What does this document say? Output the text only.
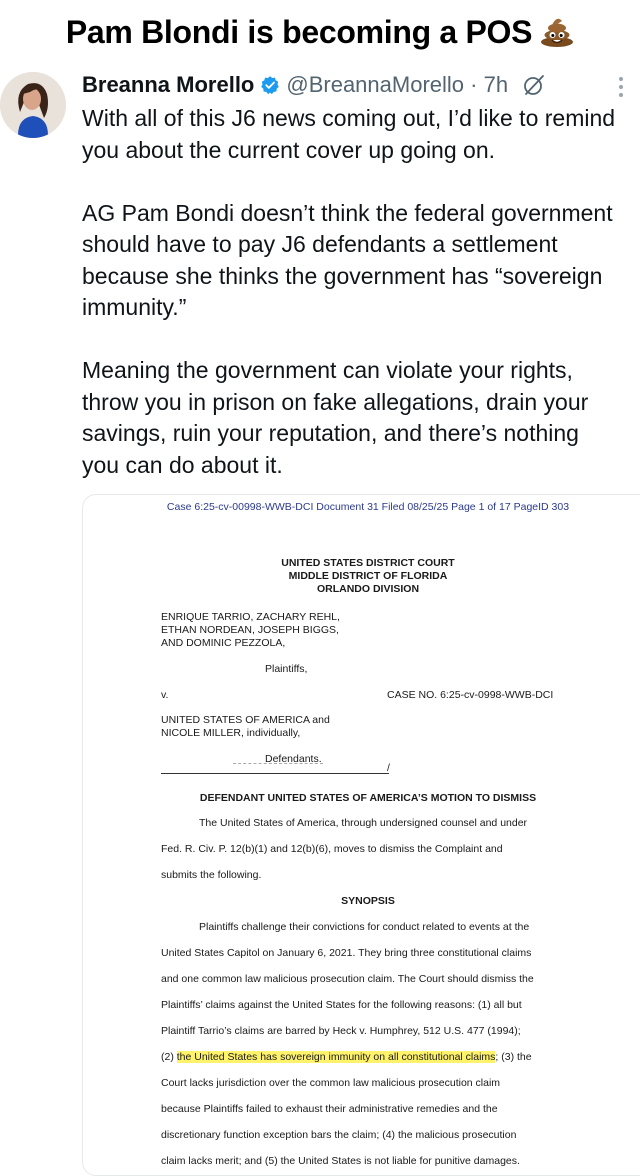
Pam Blondi is becoming a POS
Breanna Morello @BreannaMorello · 7h
With all of this J6 news coming out, I’d like to remind
you about the current cover up going on.
AG Pam Bondi doesn’t think the federal government
should have to pay J6 defendants a settlement
because she thinks the government has “sovereign
immunity.”
Meaning the government can violate your rights,
throw you in prison on fake allegations, drain your
savings, ruin your reputation, and there’s nothing
you can do about it.
Case 6:25-cv-00998-WWB-DCI Document 31 Filed 08/25/25 Page 1 of 17 PageID 303
UNITED STATES DISTRICT COURT
MIDDLE DISTRICT OF FLORIDA
ORLANDO DIVISION
ENRIQUE TARRIO, ZACHARY REHL,
ETHAN NORDEAN, JOSEPH BIGGS,
AND DOMINIC PEZZOLA,
Plaintiffs,
v.	CASE NO. 6:25-cv-0998-WWB-DCI
UNITED STATES OF AMERICA and
NICOLE MILLER, individually,
Defendants.
/
DEFENDANT UNITED STATES OF AMERICA’S MOTION TO DISMISS
The United States of America, through undersigned counsel and under
Fed. R. Civ. P. 12(b)(1) and 12(b)(6), moves to dismiss the Complaint and
submits the following.
SYNOPSIS
Plaintiffs challenge their convictions for conduct related to events at the
United States Capitol on January 6, 2021. They bring three constitutional claims
and one common law malicious prosecution claim. The Court should dismiss the
Plaintiffs’ claims against the United States for the following reasons: (1) all but
Plaintiff Tarrio’s claims are barred by Heck v. Humphrey, 512 U.S. 477 (1994);
(2) the United States has sovereign immunity on all constitutional claims; (3) the
Court lacks jurisdiction over the common law malicious prosecution claim
because Plaintiffs failed to exhaust their administrative remedies and the
discretionary function exception bars the claim; (4) the malicious prosecution
claim lacks merit; and (5) the United States is not liable for punitive damages.
